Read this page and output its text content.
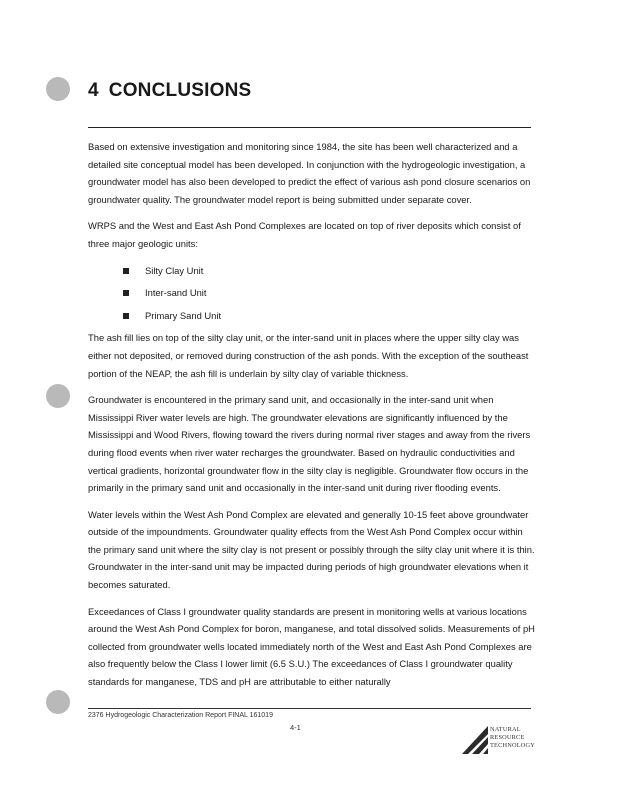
4 CONCLUSIONS

Based on extensive investigation and monitoring since 1984, the site has been well characterized and a detailed site conceptual model has been developed. In conjunction with the hydrogeologic investigation, a groundwater model has also been developed to predict the effect of various ash pond closure scenarios on groundwater quality. The groundwater model report is being submitted under separate cover.

WRPS and the West and East Ash Pond Complexes are located on top of river deposits which consist of three major geologic units:

Silty Clay Unit
Inter-sand Unit
Primary Sand Unit

The ash fill lies on top of the silty clay unit, or the inter-sand unit in places where the upper silty clay was either not deposited, or removed during construction of the ash ponds. With the exception of the southeast portion of the NEAP, the ash fill is underlain by silty clay of variable thickness.

Groundwater is encountered in the primary sand unit, and occasionally in the inter-sand unit when Mississippi River water levels are high. The groundwater elevations are significantly influenced by the Mississippi and Wood Rivers, flowing toward the rivers during normal river stages and away from the rivers during flood events when river water recharges the groundwater. Based on hydraulic conductivities and vertical gradients, horizontal groundwater flow in the silty clay is negligible. Groundwater flow occurs in the primarily in the primary sand unit and occasionally in the inter-sand unit during river flooding events.

Water levels within the West Ash Pond Complex are elevated and generally 10-15 feet above groundwater outside of the impoundments. Groundwater quality effects from the West Ash Pond Complex occur within the primary sand unit where the silty clay is not present or possibly through the silty clay unit where it is thin. Groundwater in the inter-sand unit may be impacted during periods of high groundwater elevations when it becomes saturated.

Exceedances of Class I groundwater quality standards are present in monitoring wells at various locations around the West Ash Pond Complex for boron, manganese, and total dissolved solids. Measurements of pH collected from groundwater wells located immediately north of the West and East Ash Pond Complexes are also frequently below the Class I lower limit (6.5 S.U.) The exceedances of Class I groundwater quality standards for manganese, TDS and pH are attributable to either naturally

2376 Hydrogeologic Characterization Report FINAL 161019
4-1	NATURAL
RESOURCE
TECHNOLOGY
